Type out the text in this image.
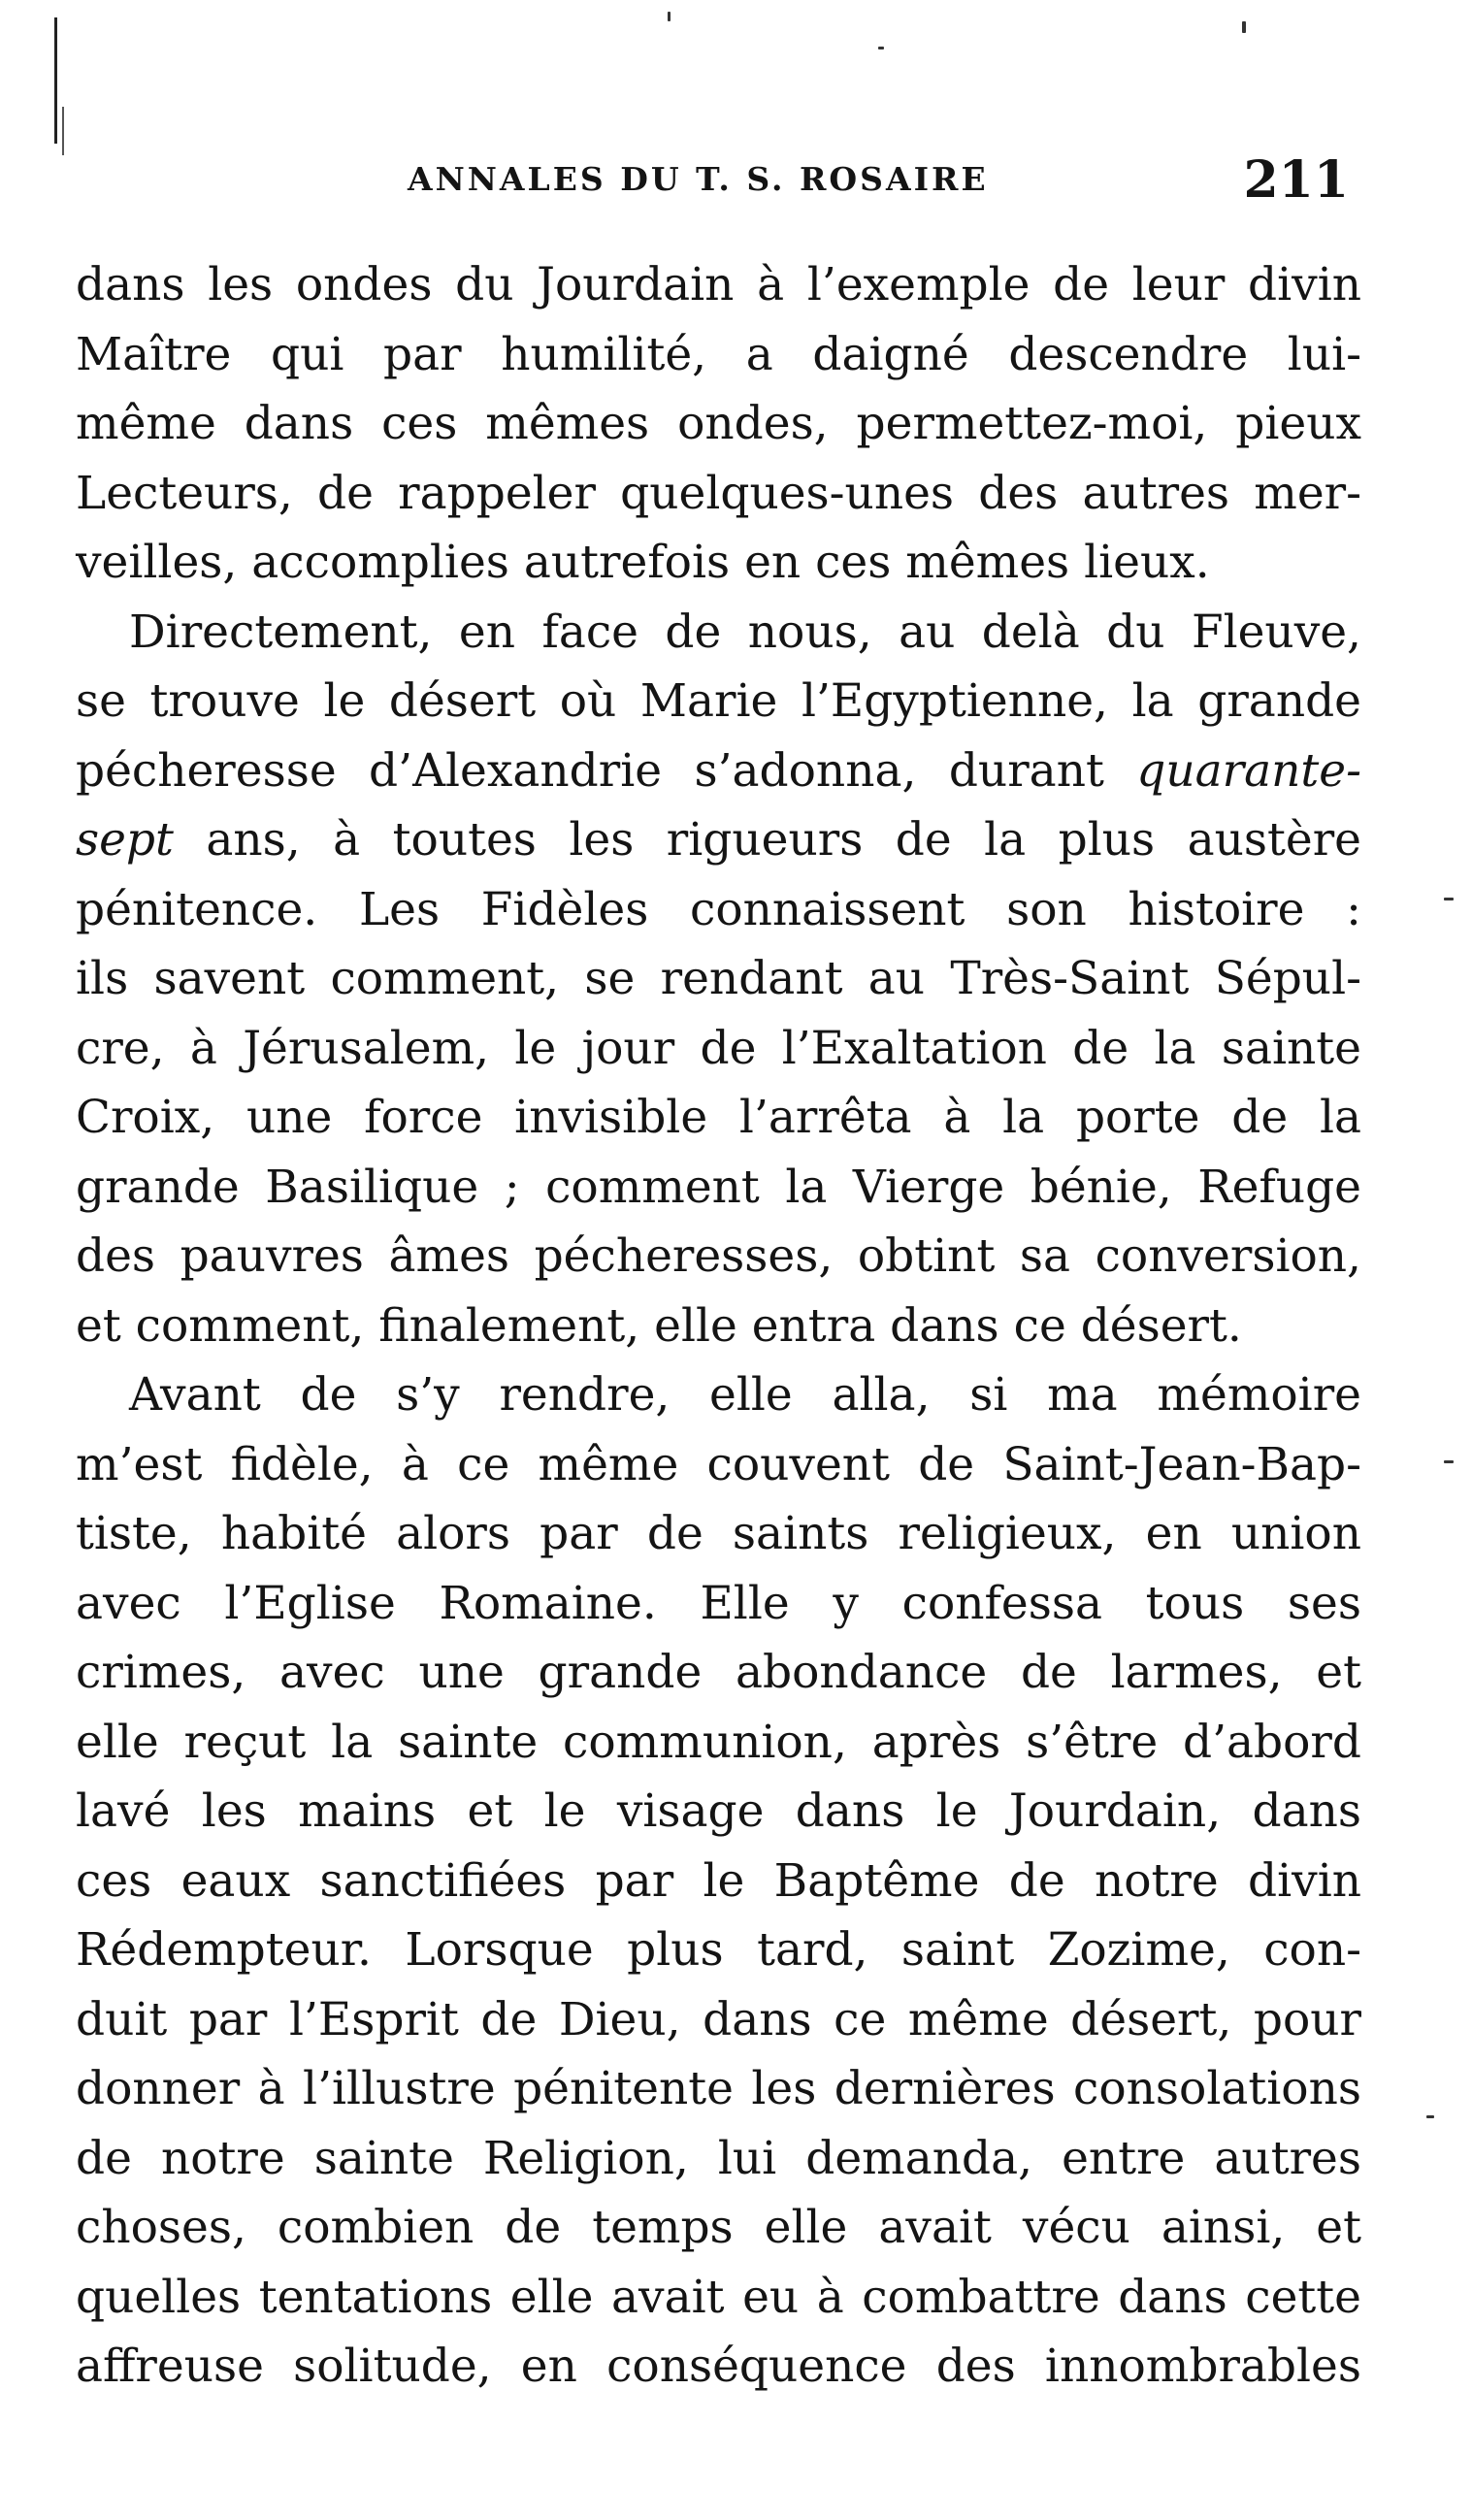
ANNALES DU T. S. ROSAIRE	211
dans les ondes du Jourdain à l’exemple de leur divin
Maître qui par humilité, a daigné descendre lui-
même dans ces mêmes ondes, permettez-moi, pieux
Lecteurs, de rappeler quelques-unes des autres mer-
veilles, accomplies autrefois en ces mêmes lieux.
Directement, en face de nous, au delà du Fleuve,
se trouve le désert où Marie l’Egyptienne, la grande
pécheresse d’Alexandrie s’adonna, durant quarante-
sept ans, à toutes les rigueurs de la plus austère
pénitence. Les Fidèles connaissent son histoire :
ils savent comment, se rendant au Très-Saint Sépul-
cre, à Jérusalem, le jour de l’Exaltation de la sainte
Croix, une force invisible l’arrêta à la porte de la
grande Basilique ; comment la Vierge bénie, Refuge
des pauvres âmes pécheresses, obtint sa conversion,
et comment, finalement, elle entra dans ce désert.
Avant de s’y rendre, elle alla, si ma mémoire
m’est fidèle, à ce même couvent de Saint-Jean-Bap-
tiste, habité alors par de saints religieux, en union
avec l’Eglise Romaine. Elle y confessa tous ses
crimes, avec une grande abondance de larmes, et
elle reçut la sainte communion, après s’être d’abord
lavé les mains et le visage dans le Jourdain, dans
ces eaux sanctifiées par le Baptême de notre divin
Rédempteur. Lorsque plus tard, saint Zozime, con-
duit par l’Esprit de Dieu, dans ce même désert, pour
donner à l’illustre pénitente les dernières consolations
de notre sainte Religion, lui demanda, entre autres
choses, combien de temps elle avait vécu ainsi, et
quelles tentations elle avait eu à combattre dans cette
affreuse solitude, en conséquence des innombrables
